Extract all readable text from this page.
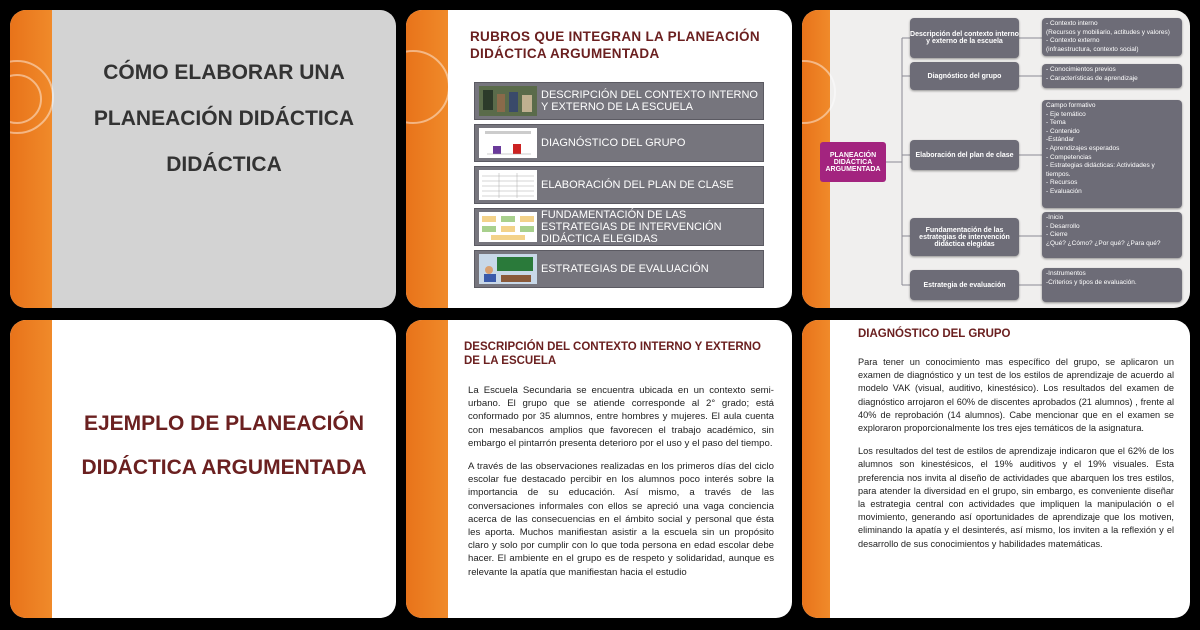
CÓMO ELABORAR UNA
PLANEACIÓN DIDÁCTICA
DIDÁCTICA
RUBROS QUE INTEGRAN LA PLANEACIÓN DIDÁCTICA ARGUMENTADA
DESCRIPCIÓN DEL CONTEXTO INTERNO Y EXTERNO DE LA ESCUELA
DIAGNÓSTICO DEL GRUPO
ELABORACIÓN DEL PLAN DE CLASE
FUNDAMENTACIÓN DE LAS ESTRATEGIAS DE INTERVENCIÓN DIDÁCTICA ELEGIDAS
ESTRATEGIAS DE EVALUACIÓN
PLANEACIÓN DIDÁCTICA ARGUMENTADA
Descripción del contexto interno y externo de la escuela
- Contexto interno
(Recursos y mobiliario, actitudes y valores)
- Contexto externo
(infraestructura, contexto social)
Diagnóstico del grupo
- Conocimientos previos
- Características de aprendizaje
Elaboración del plan de clase
Campo formativo
- Eje temático
- Tema
- Contenido
-Estándar
- Aprendizajes esperados
- Competencias
- Estrategias didácticas: Actividades y tiempos.
- Recursos
- Evaluación
Fundamentación de las estrategias de intervención didáctica elegidas
-Inicio
- Desarrollo
- Cierre
¿Qué? ¿Cómo? ¿Por qué? ¿Para qué?
Estrategia de evaluación
-Instrumentos
-Criterios y tipos de evaluación.
EJEMPLO DE PLANEACIÓN
DIDÁCTICA ARGUMENTADA
DESCRIPCIÓN DEL CONTEXTO INTERNO Y EXTERNO DE LA ESCUELA

La Escuela Secundaria se encuentra ubicada en un contexto semi-urbano. El grupo que se atiende corresponde al 2° grado; está conformado por 35 alumnos, entre hombres y mujeres. El aula cuenta con mesabancos amplios que favorecen el trabajo académico, sin embargo el pintarrón presenta deterioro por el uso y el paso del tiempo.

A través de las observaciones realizadas en los primeros días del ciclo escolar fue destacado percibir en los alumnos poco interés sobre la importancia de su educación. Así mismo, a través de las conversaciones informales con ellos se apreció una vaga conciencia acerca de las consecuencias en el ámbito social y personal que ésta les aporta. Muchos manifiestan asistir a la escuela sin un propósito claro y solo por cumplir con lo que toda persona en edad escolar debe hacer. El ambiente en el grupo es de respeto y solidaridad, aunque es relevante la apatía que manifiestan hacia el estudio

DIAGNÓSTICO DEL GRUPO

Para tener un conocimiento mas específico del grupo, se aplicaron un examen de diagnóstico y un test de los estilos de aprendizaje de acuerdo al modelo VAK (visual, auditivo, kinestésico). Los resultados del examen de diagnóstico arrojaron el 60% de discentes aprobados (21 alumnos) , frente al 40% de reprobación (14 alumnos). Cabe mencionar que en el examen se exploraron proporcionalmente los tres ejes temáticos de la asignatura.

Los resultados del test de estilos de aprendizaje indicaron que el 62% de los alumnos son kinestésicos, el 19% auditivos y el 19% visuales. Esta preferencia nos invita al diseño de actividades que abarquen los tres estilos, para atender la diversidad en el grupo, sin embargo, es conveniente diseñar la estrategia central con actividades que impliquen la manipulación o el movimiento, generando así oportunidades de aprendizaje que los motiven, eliminando la apatía y el desinterés, así mismo, los inviten a la reflexión y el desarrollo de sus conocimientos y habilidades matemáticas.
